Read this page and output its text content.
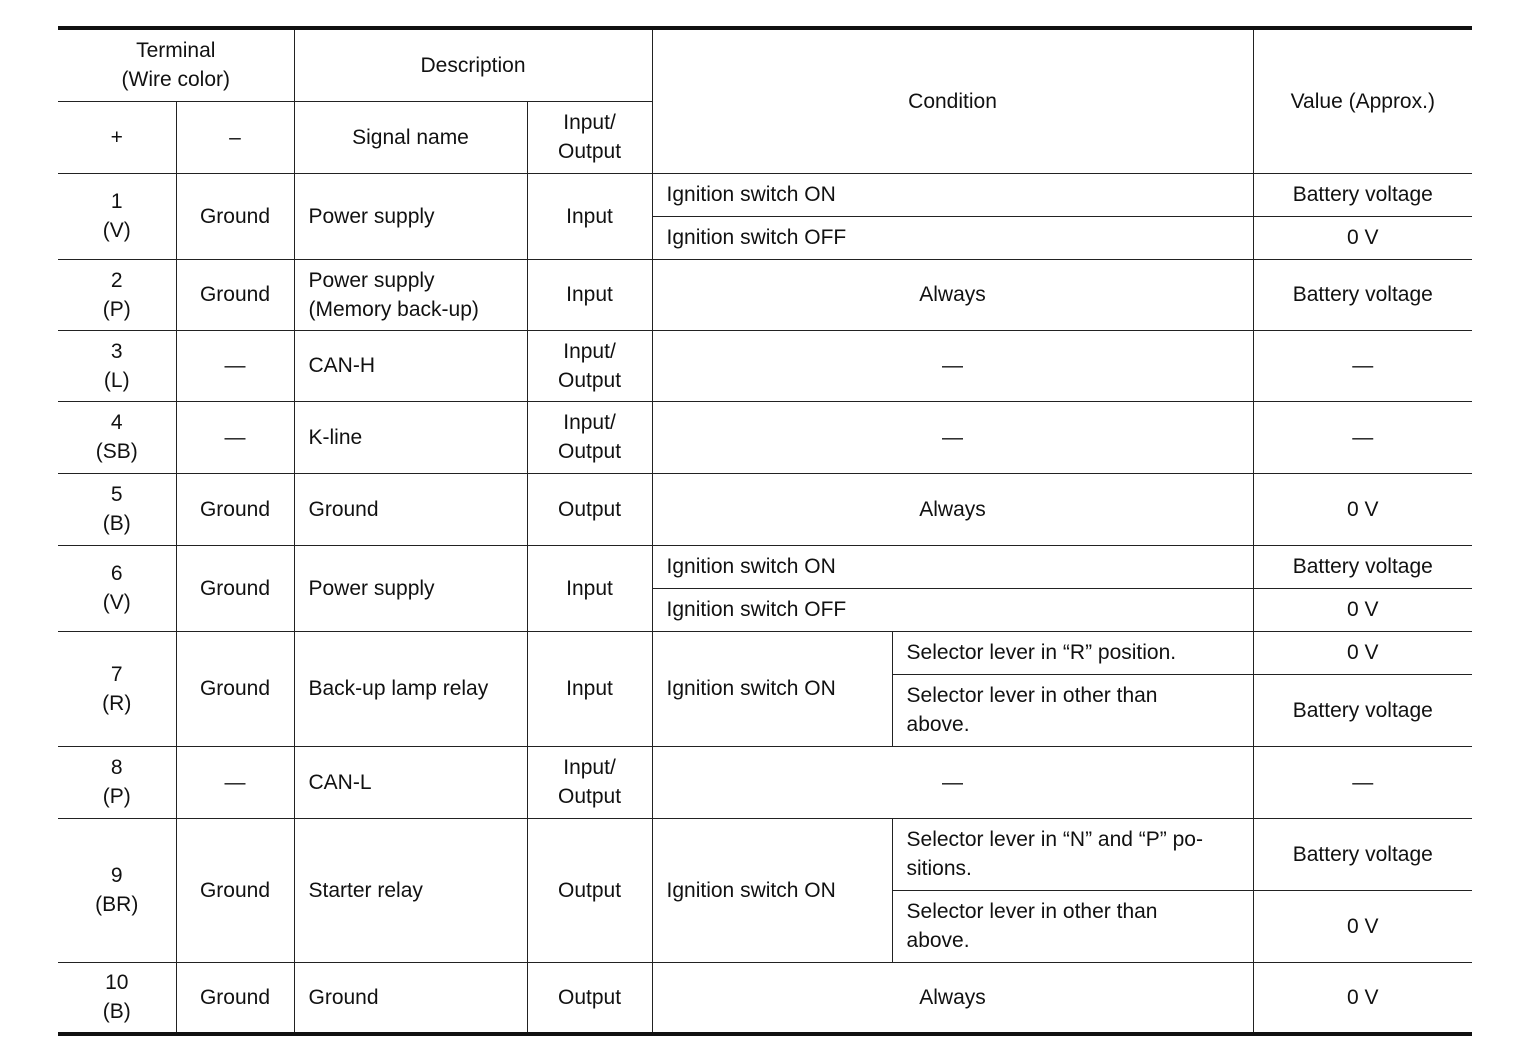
Terminal
(Wire color)		Description		Condition		Value (Approx.)
+	–	Signal name	Input/
Output			

1
(V)	Ground	Power supply	Input	Ignition switch ON		Battery voltage
				Ignition switch OFF		0 V

2
(P)	Ground	Power supply
(Memory back-up)	Input	Always		Battery voltage

3
(L)	—	CAN-H	Input/
Output	—		—

4
(SB)	—	K-line	Input/
Output	—		—

5
(B)	Ground	Ground	Output	Always		0 V

6
(V)	Ground	Power supply	Input	Ignition switch ON		Battery voltage
				Ignition switch OFF		0 V

7
(R)	Ground	Back-up lamp relay	Input	Ignition switch ON	Selector lever in “R” position.	0 V

					Selector lever in other than
above.	Battery voltage

8
(P)	—	CAN-L	Input/
Output	—		—

9
(BR)	Ground	Starter relay	Output	Ignition switch ON	Selector lever in “N” and “P” po-
sitions.	Battery voltage

					Selector lever in other than
above.	0 V

10
(B)	Ground	Ground	Output	Always		0 V
